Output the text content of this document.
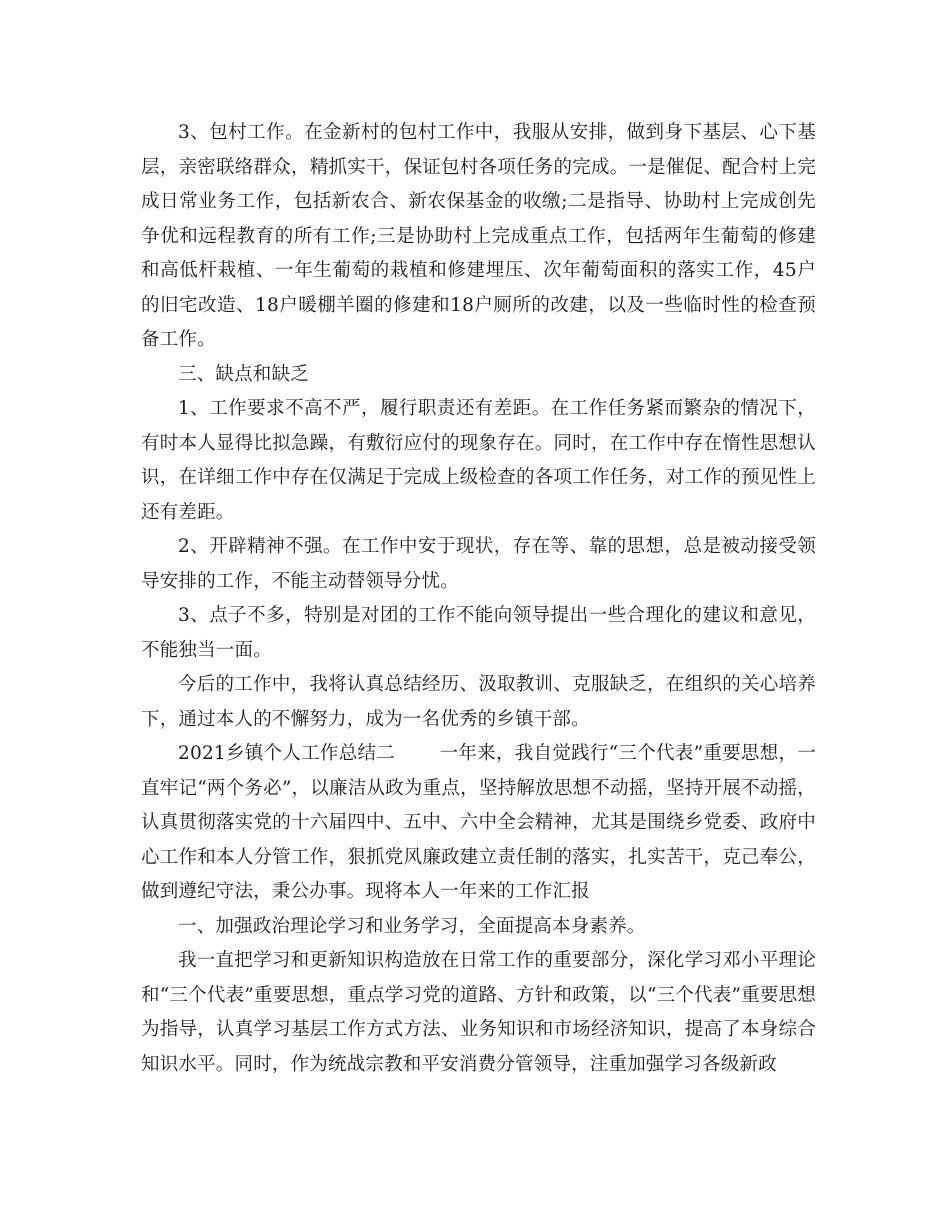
3、包村工作。在金新村的包村工作中，我服从安排，做到身下基层、心下基层，亲密联络群众，精抓实干，保证包村各项任务的完成。一是催促、配合村上完成日常业务工作，包括新农合、新农保基金的收缴;二是指导、协助村上完成创先争优和远程教育的所有工作;三是协助村上完成重点工作，包括两年生葡萄的修建和高低杆栽植、一年生葡萄的栽植和修建埋压、次年葡萄面积的落实工作，45户的旧宅改造、18户暖棚羊圈的修建和18户厕所的改建，以及一些临时性的检查预备工作。

三、缺点和缺乏

1、工作要求不高不严，履行职责还有差距。在工作任务紧而繁杂的情况下，有时本人显得比拟急躁，有敷衍应付的现象存在。同时，在工作中存在惰性思想认识，在详细工作中存在仅满足于完成上级检查的各项工作任务，对工作的预见性上还有差距。

2、开辟精神不强。在工作中安于现状，存在等、靠的思想，总是被动接受领导安排的工作，不能主动替领导分忧。

3、点子不多，特别是对团的工作不能向领导提出一些合理化的建议和意见，不能独当一面。

今后的工作中，我将认真总结经历、汲取教训、克服缺乏，在组织的关心培养下，通过本人的不懈努力，成为一名优秀的乡镇干部。

2021乡镇个人工作总结二 一年来，我自觉践行“三个代表”重要思想，一直牢记“两个务必”，以廉洁从政为重点，坚持解放思想不动摇，坚持开展不动摇，认真贯彻落实党的十六届四中、五中、六中全会精神，尤其是围绕乡党委、政府中心工作和本人分管工作，狠抓党风廉政建立责任制的落实，扎实苦干，克己奉公，做到遵纪守法，秉公办事。现将本人一年来的工作汇报

一、加强政治理论学习和业务学习，全面提高本身素养。

我一直把学习和更新知识构造放在日常工作的重要部分，深化学习邓小平理论和“三个代表”重要思想，重点学习党的道路、方针和政策，以“三个代表”重要思想为指导，认真学习基层工作方式方法、业务知识和市场经济知识，提高了本身综合知识水平。同时，作为统战宗教和平安消费分管领导，注重加强学习各级新政
